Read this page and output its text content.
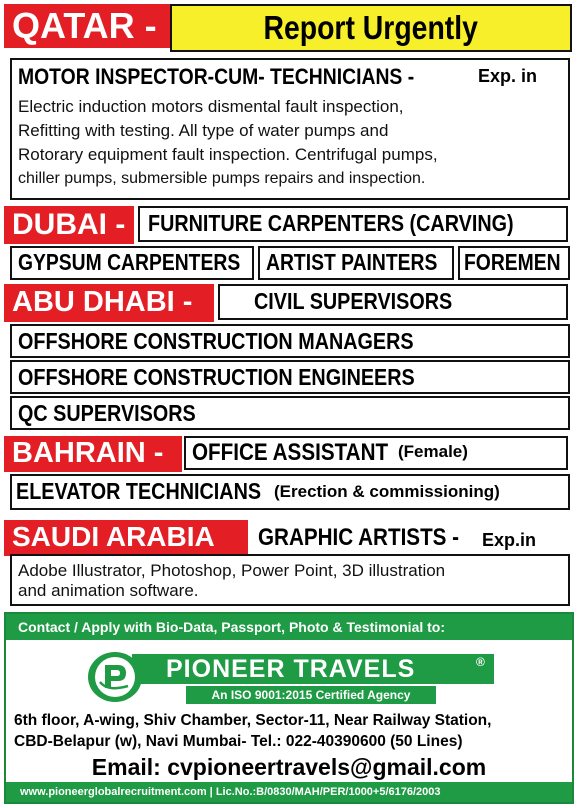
QATAR -	Report Urgently
MOTOR INSPECTOR-CUM- TECHNICIANS -	Exp. in
Electric induction motors dismental fault inspection,
Refitting with testing. All type of water pumps and
Rotorary equipment fault inspection. Centrifugal pumps,
chiller pumps, submersible pumps repairs and inspection.
DUBAI - FURNITURE CARPENTERS (CARVING)
GYPSUM CARPENTERS	ARTIST PAINTERS	FOREMEN
ABU DHABI -	CIVIL SUPERVISORS
OFFSHORE CONSTRUCTION MANAGERS
OFFSHORE CONSTRUCTION ENGINEERS
QC SUPERVISORS
BAHRAIN -	OFFICE ASSISTANT (Female)
ELEVATOR TECHNICIANS (Erection & commissioning)
SAUDI ARABIA	GRAPHIC ARTISTS -	Exp.in
Adobe Illustrator, Photoshop, Power Point, 3D illustration
and animation software.
Contact / Apply with Bio-Data, Passport, Photo & Testimonial to:
PIONEER TRAVELS	®
An ISO 9001:2015 Certified Agency
6th floor, A-wing, Shiv Chamber, Sector-11, Near Railway Station,
CBD-Belapur (w), Navi Mumbai- Tel.: 022-40390600 (50 Lines)
Email: cvpioneertravels@gmail.com
www.pioneerglobalrecruitment.com | Lic.No.:B/0830/MAH/PER/1000+5/6176/2003
